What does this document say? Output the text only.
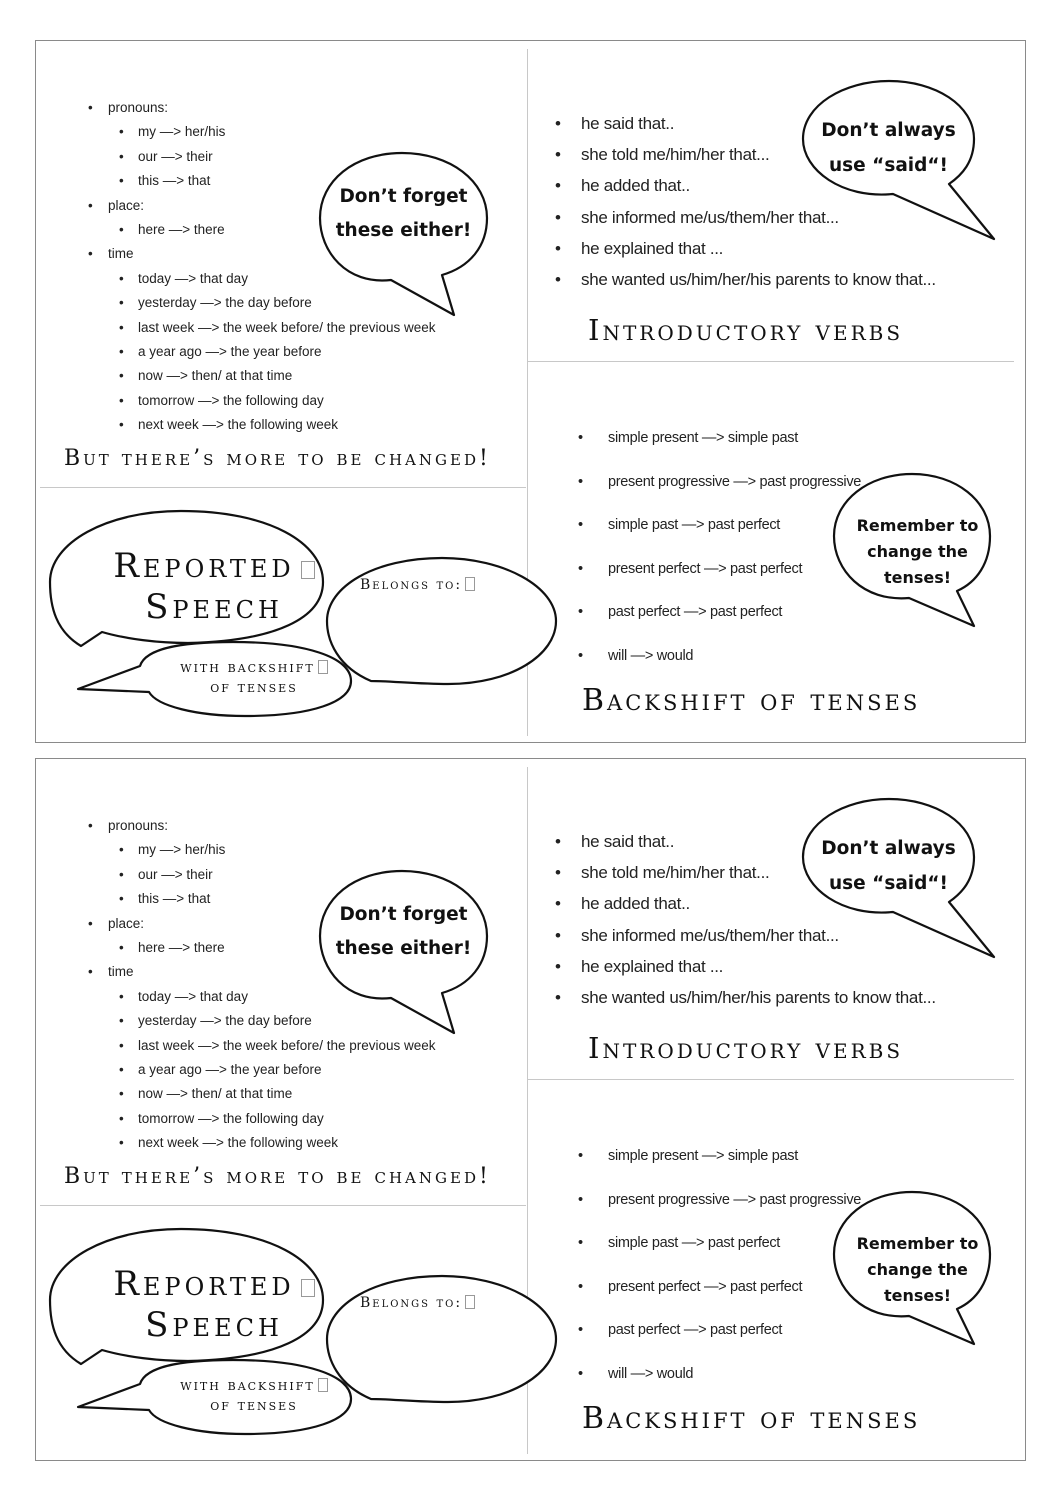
• pronouns:
• my —> her/his
• our —> their
• this —> that
• place:
• here —> there
• time
• today —> that day
• yesterday —> the day before
• last week —> the week before/ the previous week
• a year ago —> the year before
• now —> then/ at that time
• tomorrow —> the following day
• next week —> the following week
Don’t forget
these either!
But there’s more to be changed!
• he said that..
• she told me/him/her that...
• he added that..
• she informed me/us/them/her that...
• he explained that ...
• she wanted us/him/her/his parents to know that...
Don’t always
use “said“!
Introductory verbs
Reported
Speech
with backshift
of tenses
Belongs to:
• simple present —> simple past
• present progressive —> past progressive
• simple past —> past perfect
• present perfect —> past perfect
• past perfect —> past perfect
• will —> would
Remember to
change the
tenses!
Backshift of tenses
• pronouns:
• my —> her/his
• our —> their
• this —> that
• place:
• here —> there
• time
• today —> that day
• yesterday —> the day before
• last week —> the week before/ the previous week
• a year ago —> the year before
• now —> then/ at that time
• tomorrow —> the following day
• next week —> the following week
Don’t forget
these either!
But there’s more to be changed!
• he said that..
• she told me/him/her that...
• he added that..
• she informed me/us/them/her that...
• he explained that ...
• she wanted us/him/her/his parents to know that...
Don’t always
use “said“!
Introductory verbs
Reported
Speech
with backshift
of tenses
Belongs to:
• simple present —> simple past
• present progressive —> past progressive
• simple past —> past perfect
• present perfect —> past perfect
• past perfect —> past perfect
• will —> would
Remember to
change the
tenses!
Backshift of tenses
